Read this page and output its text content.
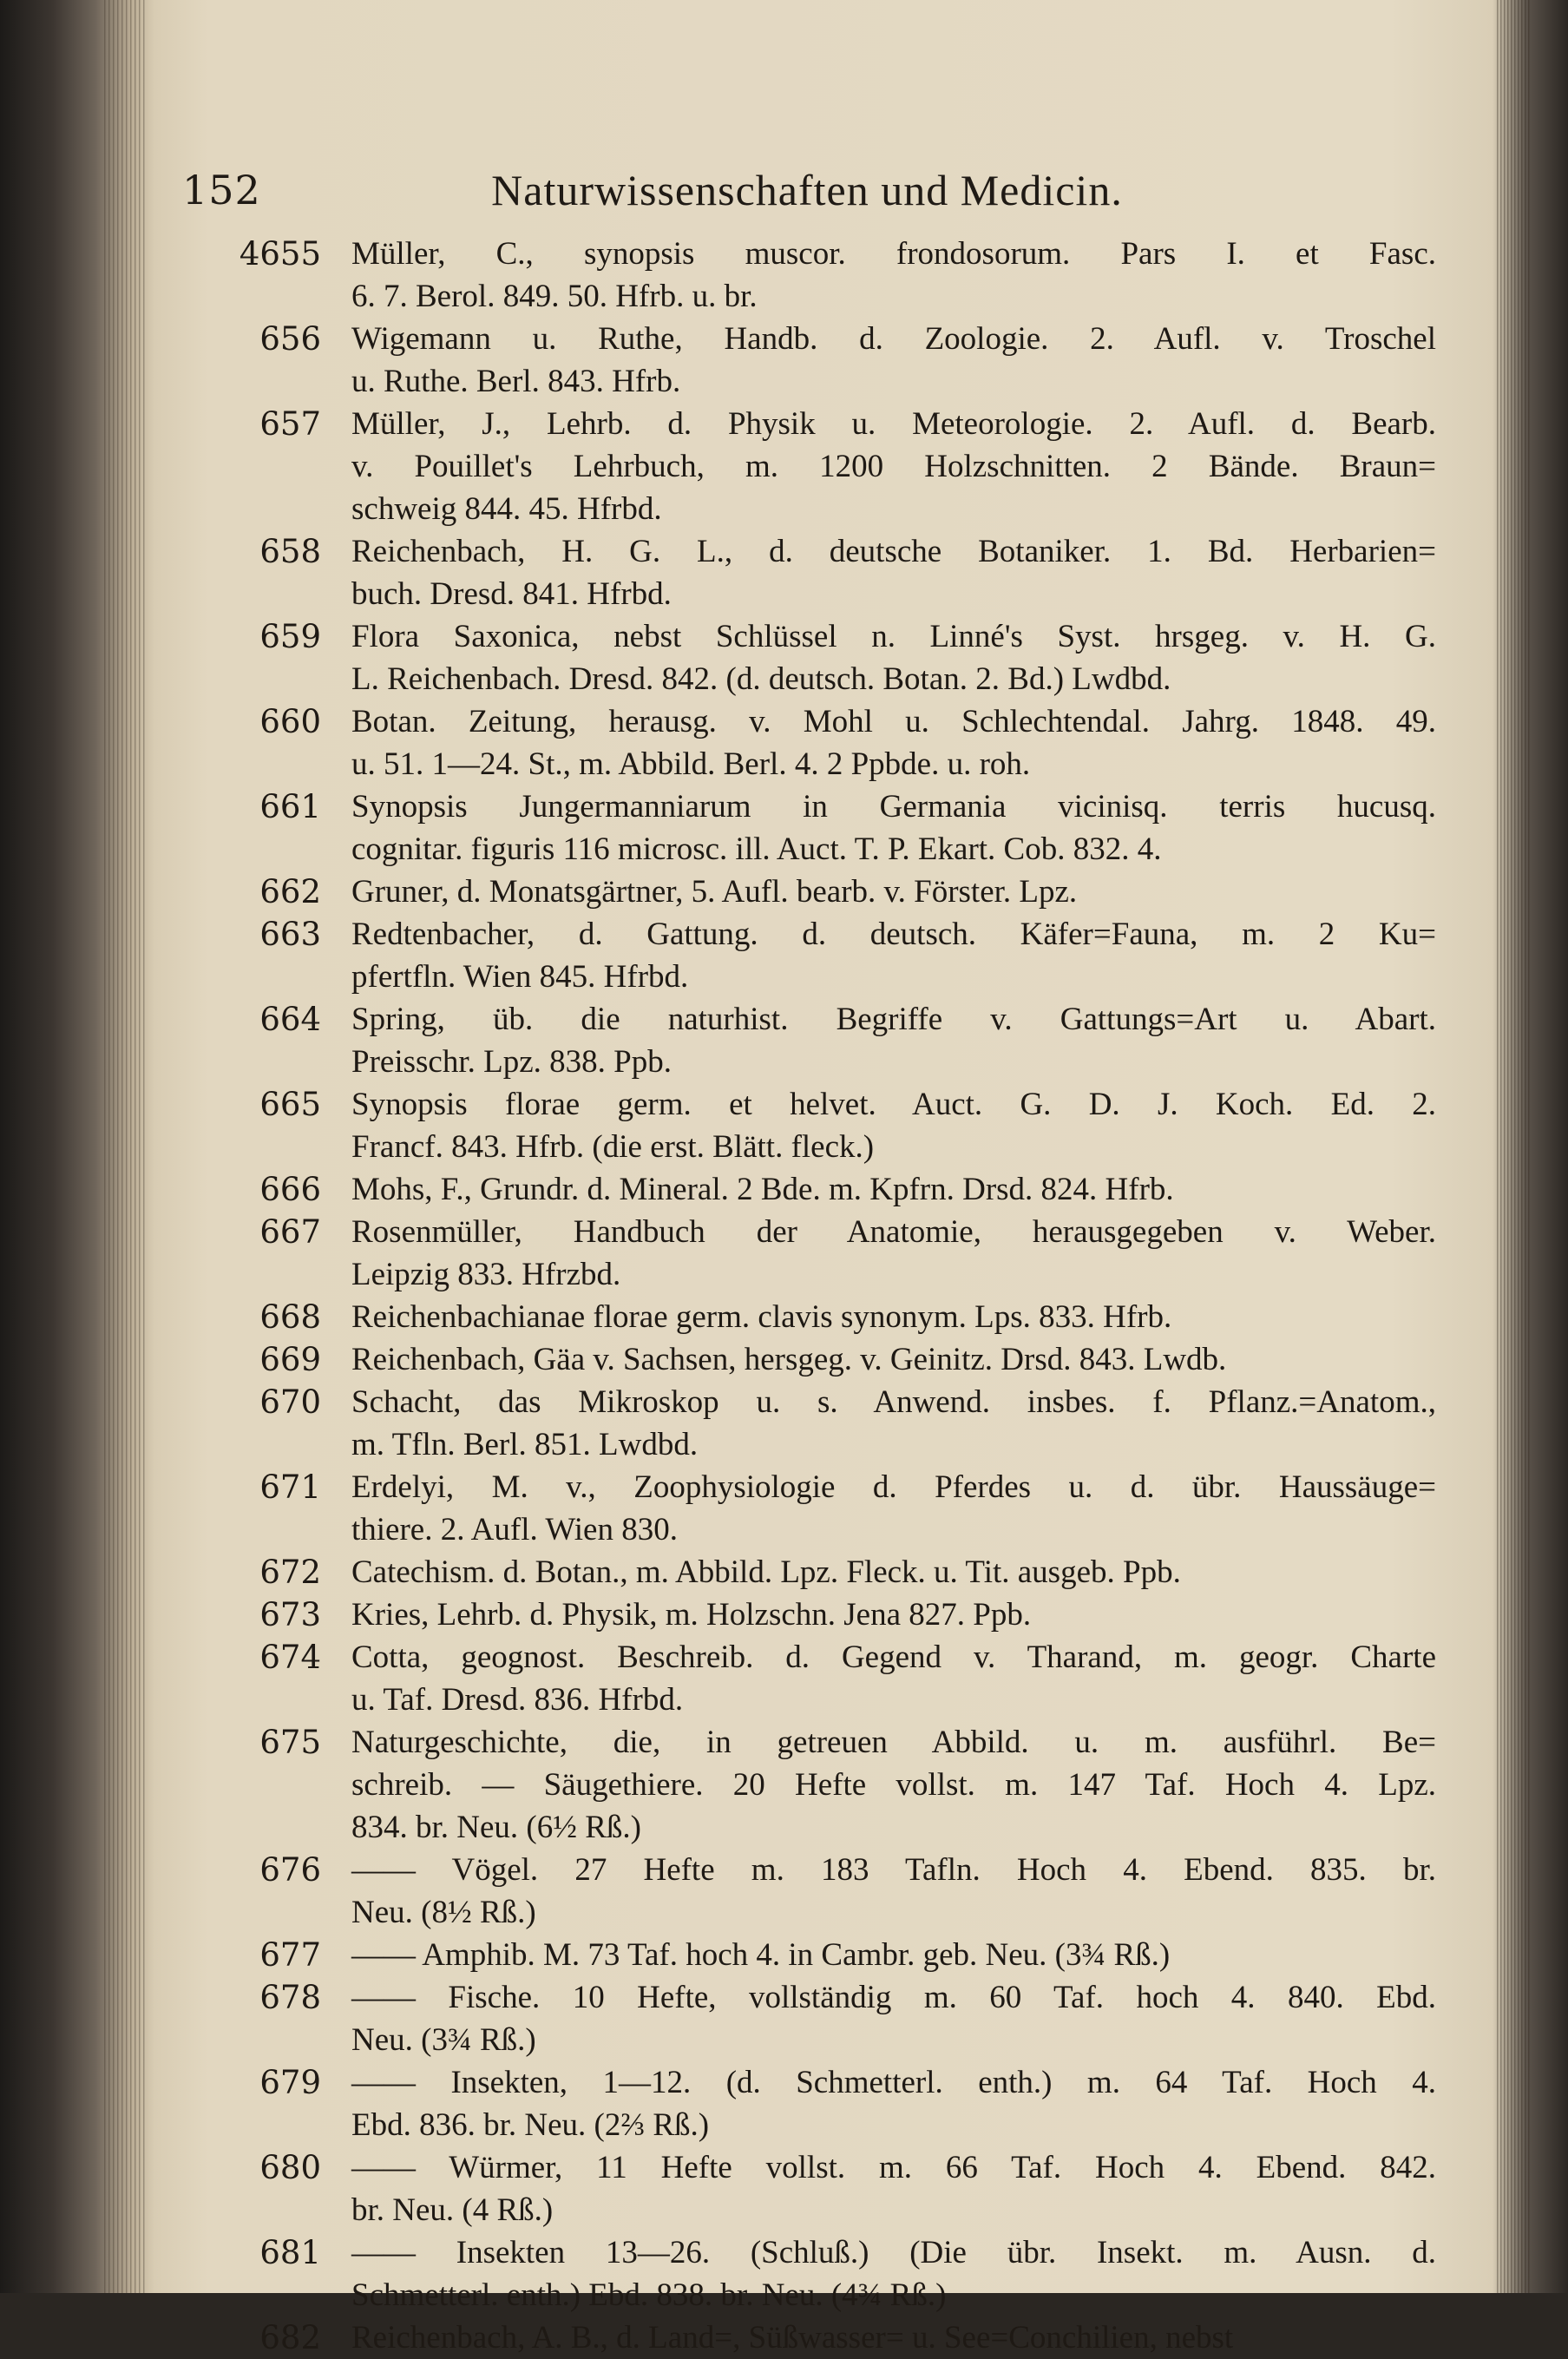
152	Naturwissenschaften und Medicin.
4655 Müller, C., synopsis muscor. frondosorum. Pars I. et Fasc.
6. 7. Berol. 849. 50. Hfrb. u. br.
656 Wigemann u. Ruthe, Handb. d. Zoologie. 2. Aufl. v. Troschel
u. Ruthe. Berl. 843. Hfrb.
657 Müller, J., Lehrb. d. Physik u. Meteorologie. 2. Aufl. d. Bearb.
v. Pouillet's Lehrbuch, m. 1200 Holzschnitten. 2 Bände. Braun=
schweig 844. 45. Hfrbd.
658 Reichenbach, H. G. L., d. deutsche Botaniker. 1. Bd. Herbarien=
buch. Dresd. 841. Hfrbd.
659 Flora Saxonica, nebst Schlüssel n. Linné's Syst. hrsgeg. v. H. G.
L. Reichenbach. Dresd. 842. (d. deutsch. Botan. 2. Bd.) Lwdbd.
660 Botan. Zeitung, herausg. v. Mohl u. Schlechtendal. Jahrg. 1848. 49.
u. 51. 1—24. St., m. Abbild. Berl. 4. 2 Ppbde. u. roh.
661 Synopsis Jungermanniarum in Germania vicinisq. terris hucusq.
cognitar. figuris 116 microsc. ill. Auct. T. P. Ekart. Cob. 832. 4.
662 Gruner, d. Monatsgärtner, 5. Aufl. bearb. v. Förster. Lpz.
663 Redtenbacher, d. Gattung. d. deutsch. Käfer=Fauna, m. 2 Ku=
pfertfln. Wien 845. Hfrbd.
664 Spring, üb. die naturhist. Begriffe v. Gattungs=Art u. Abart.
Preisschr. Lpz. 838. Ppb.
665 Synopsis florae germ. et helvet. Auct. G. D. J. Koch. Ed. 2.
Francf. 843. Hfrb. (die erst. Blätt. fleck.)
666 Mohs, F., Grundr. d. Mineral. 2 Bde. m. Kpfrn. Drsd. 824. Hfrb.
667 Rosenmüller, Handbuch der Anatomie, herausgegeben v. Weber.
Leipzig 833. Hfrzbd.
668 Reichenbachianae florae germ. clavis synonym. Lps. 833. Hfrb.
669 Reichenbach, Gäa v. Sachsen, hersgeg. v. Geinitz. Drsd. 843. Lwdb.
670 Schacht, das Mikroskop u. s. Anwend. insbes. f. Pflanz.=Anatom.,
m. Tfln. Berl. 851. Lwdbd.
671 Erdelyi, M. v., Zoophysiologie d. Pferdes u. d. übr. Haussäuge=
thiere. 2. Aufl. Wien 830.
672 Catechism. d. Botan., m. Abbild. Lpz. Fleck. u. Tit. ausgeb. Ppb.
673 Kries, Lehrb. d. Physik, m. Holzschn. Jena 827. Ppb.
674 Cotta, geognost. Beschreib. d. Gegend v. Tharand, m. geogr. Charte
u. Taf. Dresd. 836. Hfrbd.
675 Naturgeschichte, die, in getreuen Abbild. u. m. ausführl. Be=
schreib. — Säugethiere. 20 Hefte vollst. m. 147 Taf. Hoch 4. Lpz.
834. br. Neu. (6½ Rß.)
676 —— Vögel. 27 Hefte m. 183 Tafln. Hoch 4. Ebend. 835. br.
Neu. (8½ Rß.)
677 —— Amphib. M. 73 Taf. hoch 4. in Cambr. geb. Neu. (3¾ Rß.)
678 —— Fische. 10 Hefte, vollständig m. 60 Taf. hoch 4. 840. Ebd.
Neu. (3¾ Rß.)
679 —— Insekten, 1—12. (d. Schmetterl. enth.) m. 64 Taf. Hoch 4.
Ebd. 836. br. Neu. (2⅔ Rß.)
680 —— Würmer, 11 Hefte vollst. m. 66 Taf. Hoch 4. Ebend. 842.
br. Neu. (4 Rß.)
681 —— Insekten 13—26. (Schluß.) (Die übr. Insekt. m. Ausn. d.
Schmetterl. enth.) Ebd. 838. br. Neu. (4¾ Rß.)
682 Reichenbach, A. B., d. Land=, Süßwasser= u. See=Conchilien, nebst
